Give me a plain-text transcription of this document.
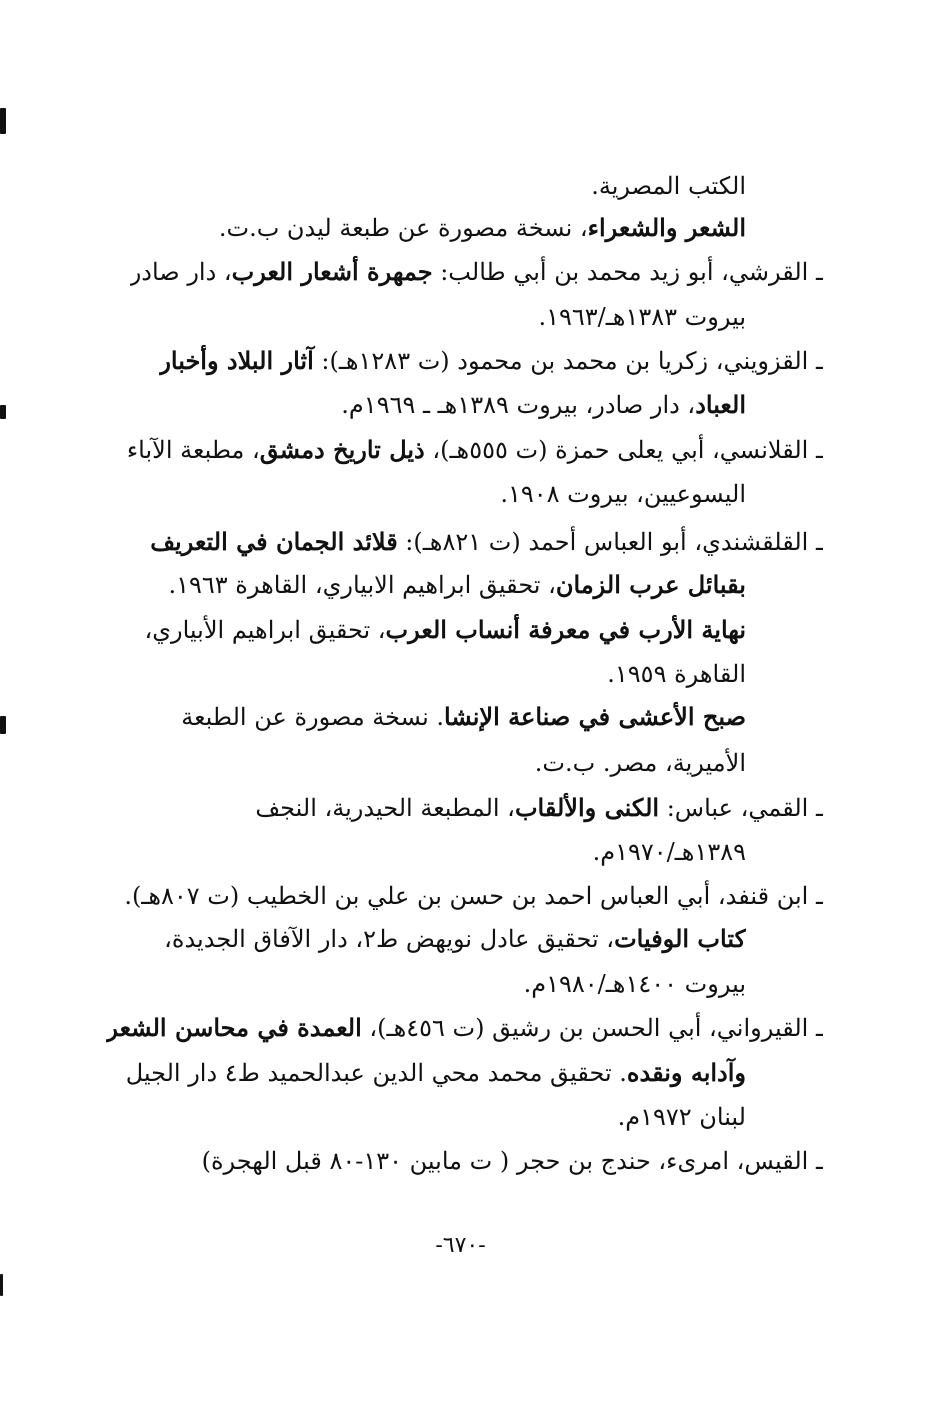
الكتب المصرية.
الشعر والشعراء، نسخة مصورة عن طبعة ليدن ب.ت.
ـ القرشي، أبو زيد محمد بن أبي طالب: جمهرة أشعار العرب، دار صادر
بيروت ١٣٨٣هـ/١٩٦٣.
ـ القزويني، زكريا بن محمد بن محمود (ت ١٢٨٣هـ): آثار البلاد وأخبار
العباد، دار صادر، بيروت ١٣٨٩هـ ـ ١٩٦٩م.
ـ القلانسي، أبي يعلى حمزة (ت ٥٥٥هـ)، ذيل تاريخ دمشق، مطبعة الآباء
اليسوعيين، بيروت ١٩٠٨.
ـ القلقشندي، أبو العباس أحمد (ت ٨٢١هـ): قلائد الجمان في التعريف
بقبائل عرب الزمان، تحقيق ابراهيم الابياري، القاهرة ١٩٦٣.
نهاية الأرب في معرفة أنساب العرب، تحقيق ابراهيم الأبياري،
القاهرة ١٩٥٩.
صبح الأعشى في صناعة الإنشا. نسخة مصورة عن الطبعة
الأميرية، مصر. ب.ت.
ـ القمي، عباس: الكنى والألقاب، المطبعة الحيدرية، النجف
١٣٨٩هـ/١٩٧٠م.
ـ ابن قنفد، أبي العباس احمد بن حسن بن علي بن الخطيب (ت ٨٠٧هـ).
كتاب الوفيات، تحقيق عادل نويهض ط٢، دار الآفاق الجديدة،
بيروت ١٤٠٠هـ/١٩٨٠م.
ـ القيرواني، أبي الحسن بن رشيق (ت ٤٥٦هـ)، العمدة في محاسن الشعر
وآدابه ونقده. تحقيق محمد محي الدين عبدالحميد ط٤ دار الجيل
لبنان ١٩٧٢م.
ـ القيس، امرىء، حندج بن حجر ( ت مابين ١٣٠-٨٠ قبل الهجرة)
-٦٧٠-
